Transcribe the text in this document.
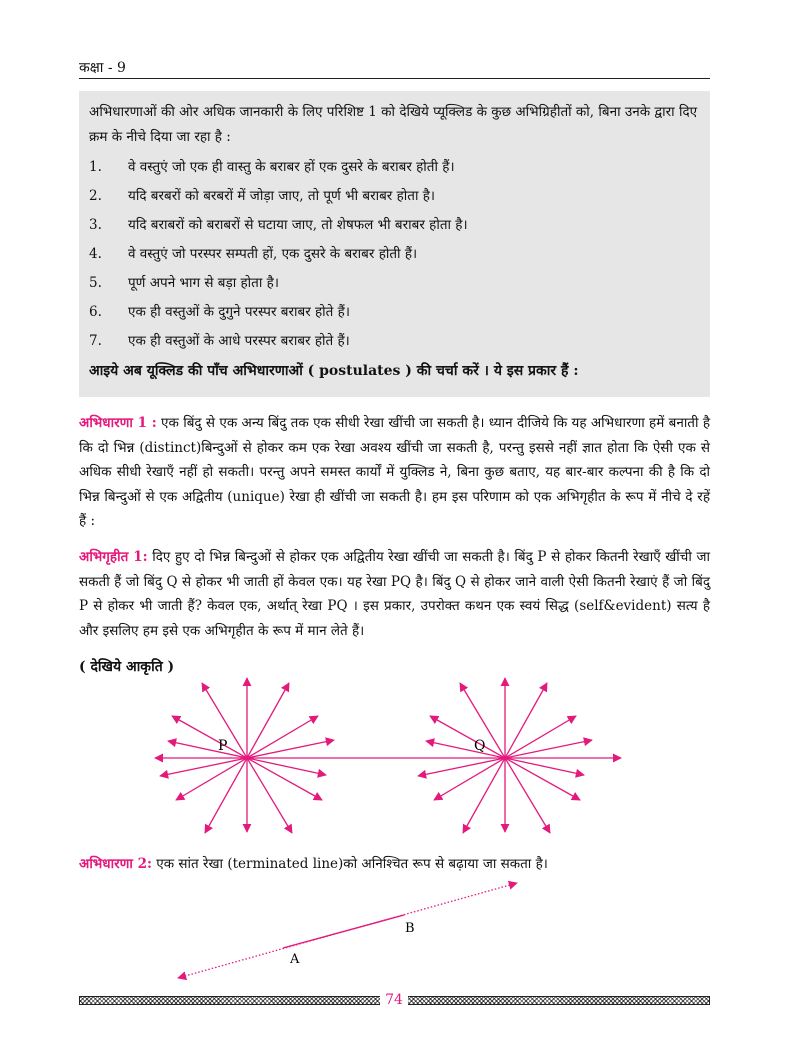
कक्षा - 9

अभिधारणाओं की ओर अधिक जानकारी के लिए परिशिष्ट 1 को देखिये प्यूक्लिड के कुछ अभिग्रिहीतों को, बिना उनके द्वारा दिए क्रम के नीचे दिया जा रहा है :

1. वे वस्तुएं जो एक ही वास्तु के बराबर हों एक दुसरे के बराबर होती हैं।
2. यदि बरबरों को बरबरों में जोड़ा जाए, तो पूर्ण भी बराबर होता है।
3. यदि बराबरों को बराबरों से घटाया जाए, तो शेषफल भी बराबर होता है।
4. वे वस्तुएं जो परस्पर सम्पती हों, एक दुसरे के बराबर होती हैं।
5. पूर्ण अपने भाग से बड़ा होता है।
6. एक ही वस्तुओं के दुगुने परस्पर बराबर होते हैं।
7. एक ही वस्तुओं के आधे परस्पर बराबर होते हैं।

आइये अब यूक्लिड की पाँच अभिधारणाओं ( postulates ) की चर्चा करें । ये इस प्रकार हैं :

अभिधारणा 1 : एक बिंदु से एक अन्य बिंदु तक एक सीधी रेखा खींची जा सकती है। ध्यान दीजिये कि यह अभिधारणा हमें बनाती है कि दो भिन्न (distinct)बिन्दुओं से होकर कम एक रेखा अवश्य खींची जा सकती है, परन्तु इससे नहीं ज्ञात होता कि ऐसी एक से अधिक सीधी रेखाएँ नहीं हो सकती। परन्तु अपने समस्त कार्यों में युक्लिड ने, बिना कुछ बताए, यह बार-बार कल्पना की है कि दो भिन्न बिन्दुओं से एक अद्वितीय (unique) रेखा ही खींची जा सकती है। हम इस परिणाम को एक अभिगृहीत के रूप में नीचे दे रहें हैं :

अभिगृहीत 1: दिए हुए दो भिन्न बिन्दुओं से होकर एक अद्वितीय रेखा खींची जा सकती है। बिंदु P से होकर कितनी रेखाएँ खींची जा सकती हैं जो बिंदु Q से होकर भी जाती हों केवल एक। यह रेखा PQ है। बिंदु Q से होकर जाने वाली ऐसी कितनी रेखाएं हैं जो बिंदु P से होकर भी जाती हैं? केवल एक, अर्थात् रेखा PQ । इस प्रकार, उपरोक्त कथन एक स्वयं सिद्ध (self&evident) सत्य है और इसलिए हम इसे एक अभिगृहीत के रूप में मान लेते हैं।

( देखिये आकृति )
P	Q
A
B

अभिधारणा 2: एक सांत रेखा (terminated line)को अनिश्चित रूप से बढ़ाया जा सकता है।

74
